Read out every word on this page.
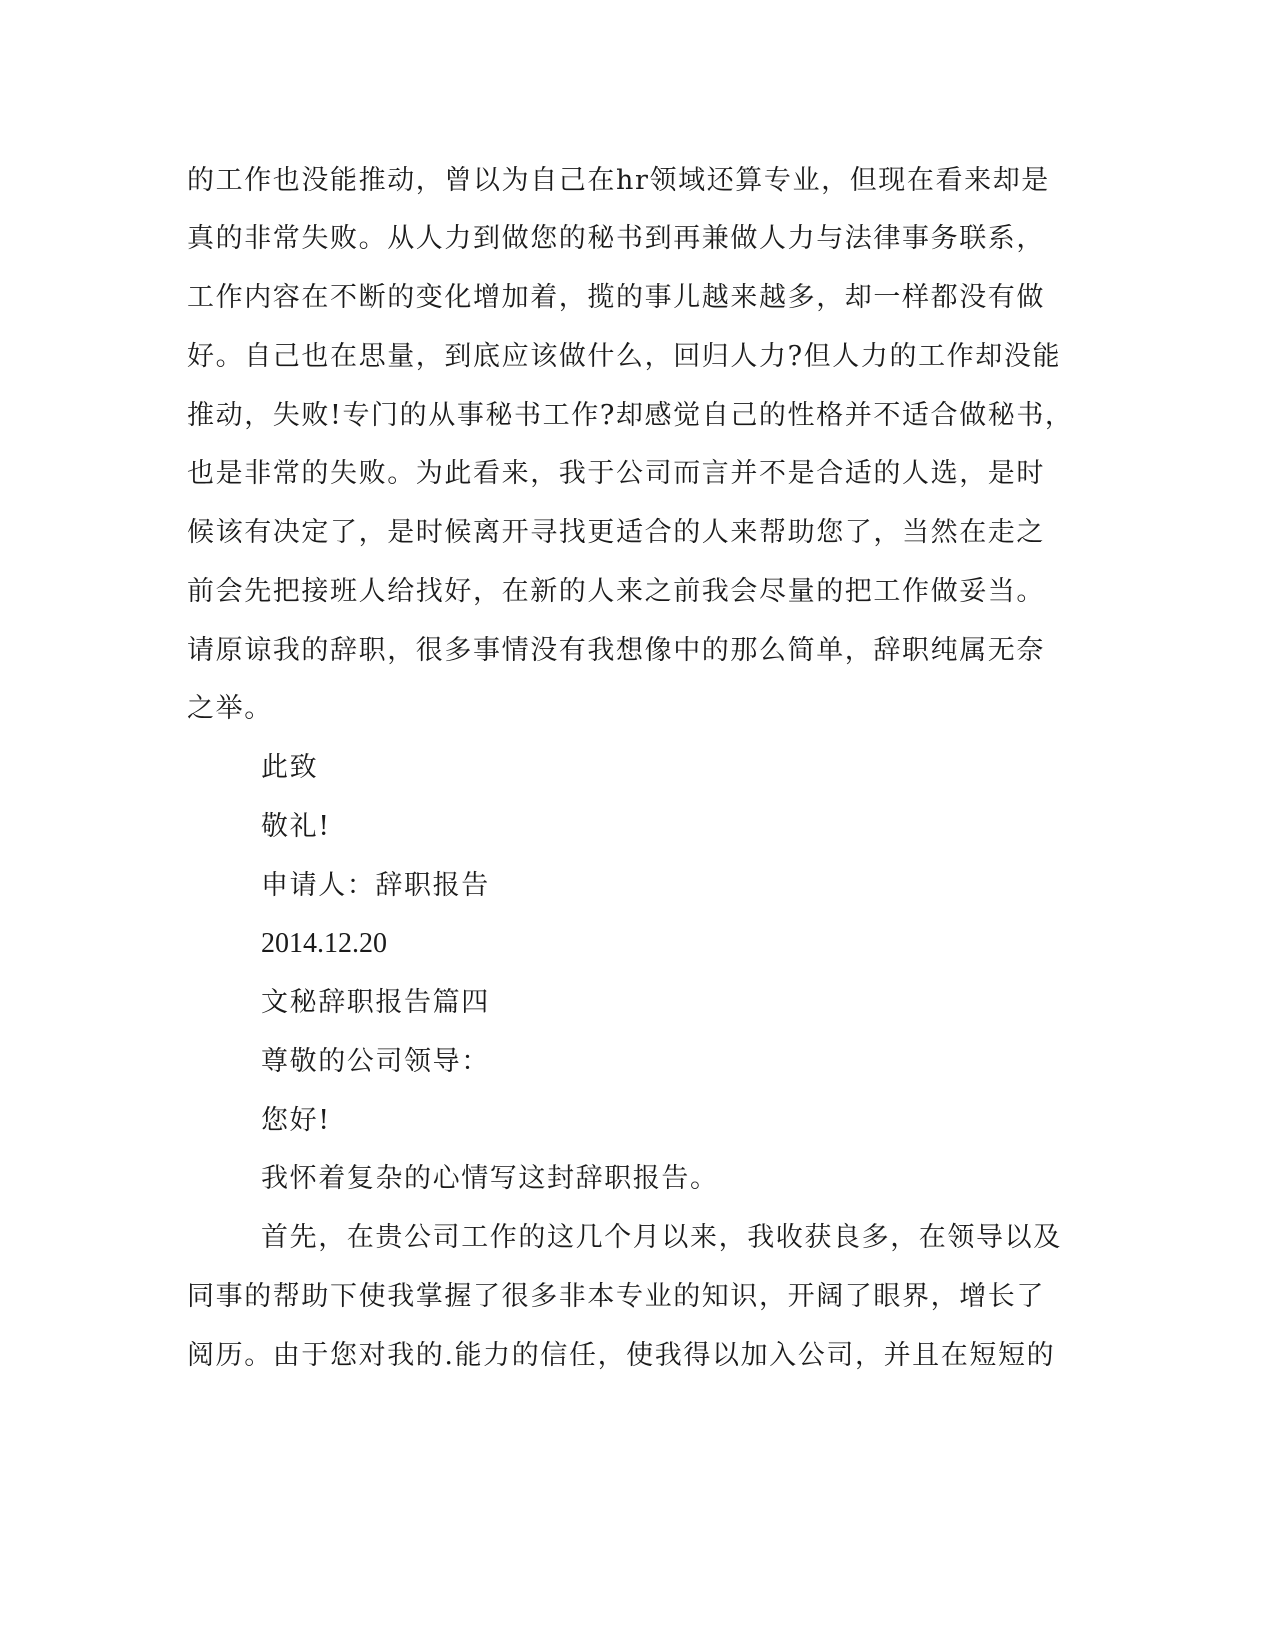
的工作也没能推动，曾以为自己在hr领域还算专业，但现在看来却是
真的非常失败。从人力到做您的秘书到再兼做人力与法律事务联系，
工作内容在不断的变化增加着，揽的事儿越来越多，却一样都没有做
好。自己也在思量，到底应该做什么，回归人力?但人力的工作却没能
推动，失败!专门的从事秘书工作?却感觉自己的性格并不适合做秘书，
也是非常的失败。为此看来，我于公司而言并不是合适的人选，是时
候该有决定了，是时候离开寻找更适合的人来帮助您了，当然在走之
前会先把接班人给找好，在新的人来之前我会尽量的把工作做妥当。
请原谅我的辞职，很多事情没有我想像中的那么简单，辞职纯属无奈
之举。
此致
敬礼!
申请人：辞职报告
2014.12.20
文秘辞职报告篇四
尊敬的公司领导：
您好!
我怀着复杂的心情写这封辞职报告。
首先，在贵公司工作的这几个月以来，我收获良多，在领导以及
同事的帮助下使我掌握了很多非本专业的知识，开阔了眼界，增长了
阅历。由于您对我的.能力的信任，使我得以加入公司，并且在短短的
